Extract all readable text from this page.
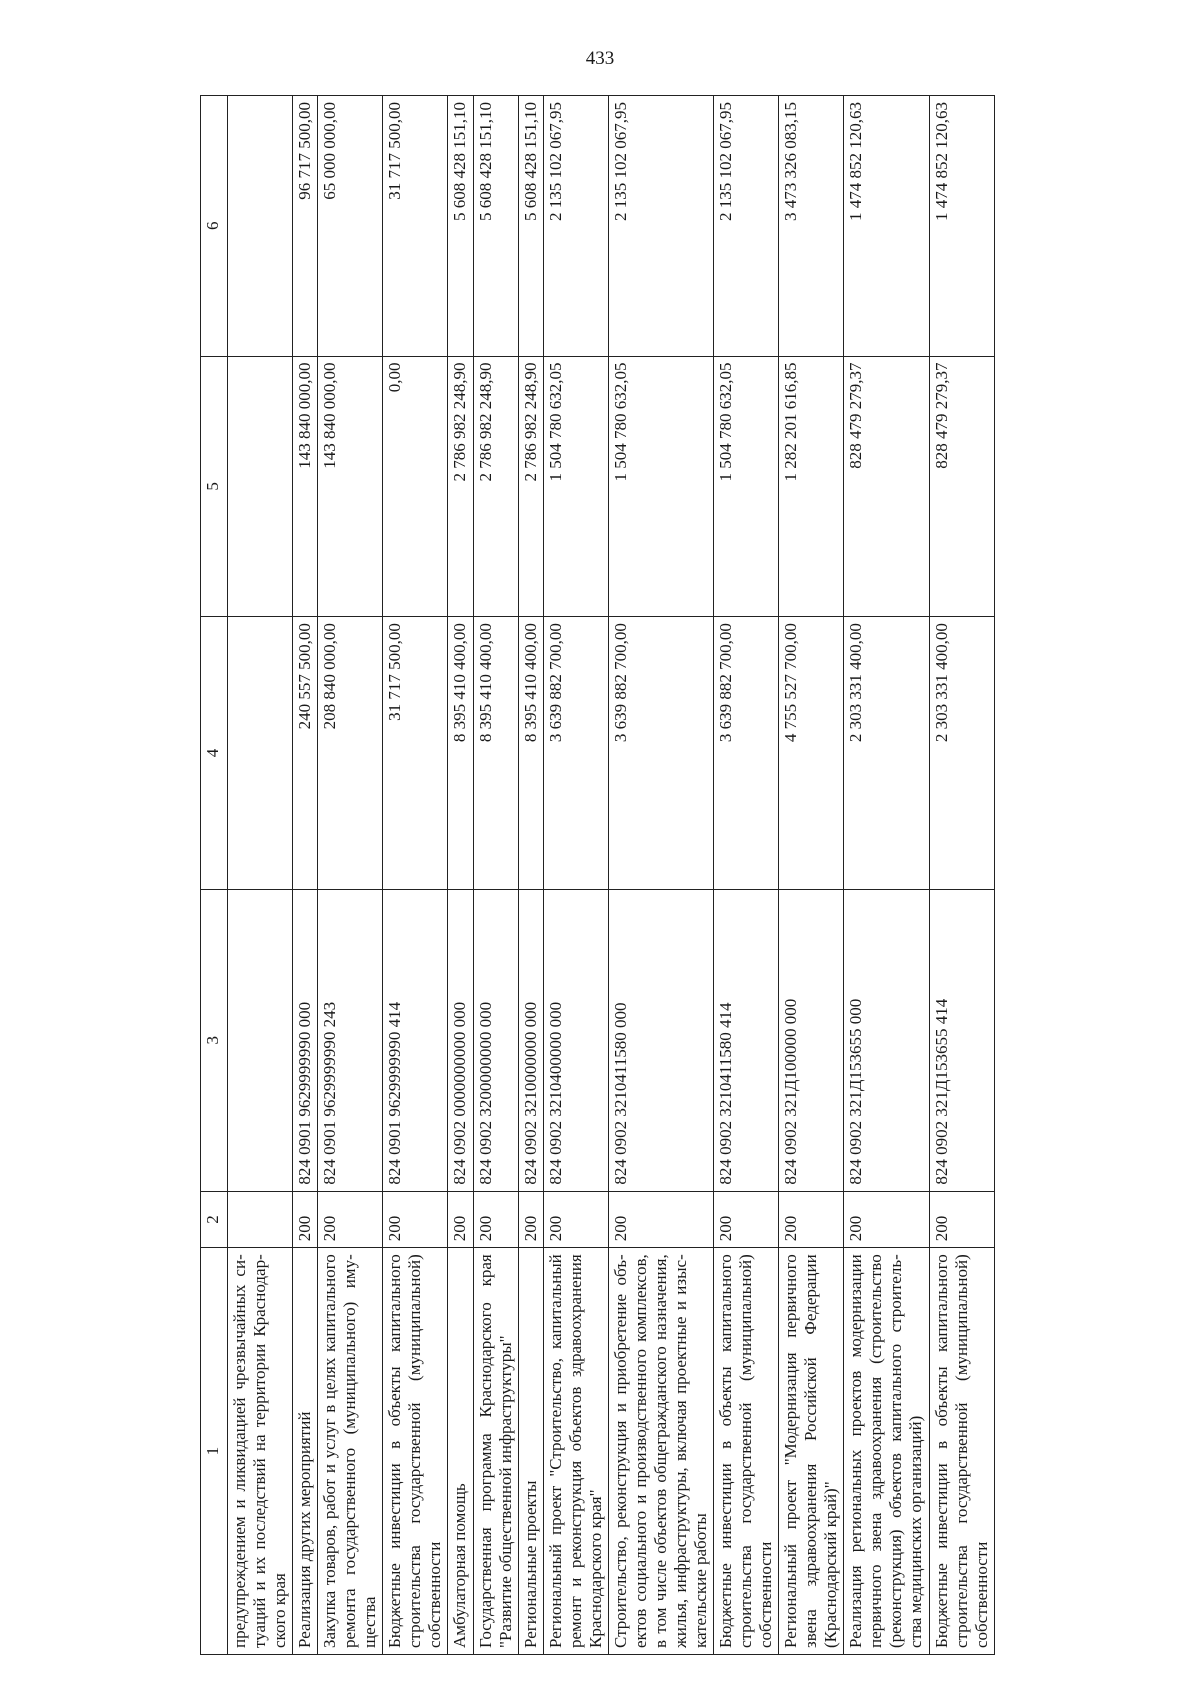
433
1	2	3	4	5	6
предупреждением и ликвидацией чрезвычайных си-туаций и их последствий на территории Краснодар-ского края					
Реализация других мероприятий	200	824 0901 9629999990 000	240 557 500,00	143 840 000,00	96 717 500,00
Закупка товаров, работ и услуг в целях капитального ремонта государственного (муниципального) иму-щества	200	824 0901 9629999990 243	208 840 000,00	143 840 000,00	65 000 000,00
Бюджетные инвестиции в объекты капитального строительства государственной (муниципальной) собственности	200	824 0901 9629999990 414	31 717 500,00	0,00	31 717 500,00
Амбулаторная помощь	200	824 0902 0000000000 000	8 395 410 400,00	2 786 982 248,90	5 608 428 151,10
Государственная программа Краснодарского края "Развитие общественной инфраструктуры"	200	824 0902 3200000000 000	8 395 410 400,00	2 786 982 248,90	5 608 428 151,10
Региональные проекты	200	824 0902 3210000000 000	8 395 410 400,00	2 786 982 248,90	5 608 428 151,10
Региональный проект "Строительство, капитальный ремонт и реконструкция объектов здравоохранения Краснодарского края"	200	824 0902 3210400000 000	3 639 882 700,00	1 504 780 632,05	2 135 102 067,95
Строительство, реконструкция и приобретение объ-ектов социального и производственного комплексов, в том числе объектов общегражданского назначения, жилья, инфраструктуры, включая проектные и изыс-кательские работы	200	824 0902 3210411580 000	3 639 882 700,00	1 504 780 632,05	2 135 102 067,95
Бюджетные инвестиции в объекты капитального строительства государственной (муниципальной) собственности	200	824 0902 3210411580 414	3 639 882 700,00	1 504 780 632,05	2 135 102 067,95
Региональный проект "Модернизация первичного звена здравоохранения Российской Федерации (Краснодарский край)"	200	824 0902 321Д100000 000	4 755 527 700,00	1 282 201 616,85	3 473 326 083,15
Реализация региональных проектов модернизации первичного звена здравоохранения (строительство (реконструкция) объектов капитального строитель-ства медицинских организаций)	200	824 0902 321Д153655 000	2 303 331 400,00	828 479 279,37	1 474 852 120,63
Бюджетные инвестиции в объекты капитального строительства государственной (муниципальной) собственности	200	824 0902 321Д153655 414	2 303 331 400,00	828 479 279,37	1 474 852 120,63
